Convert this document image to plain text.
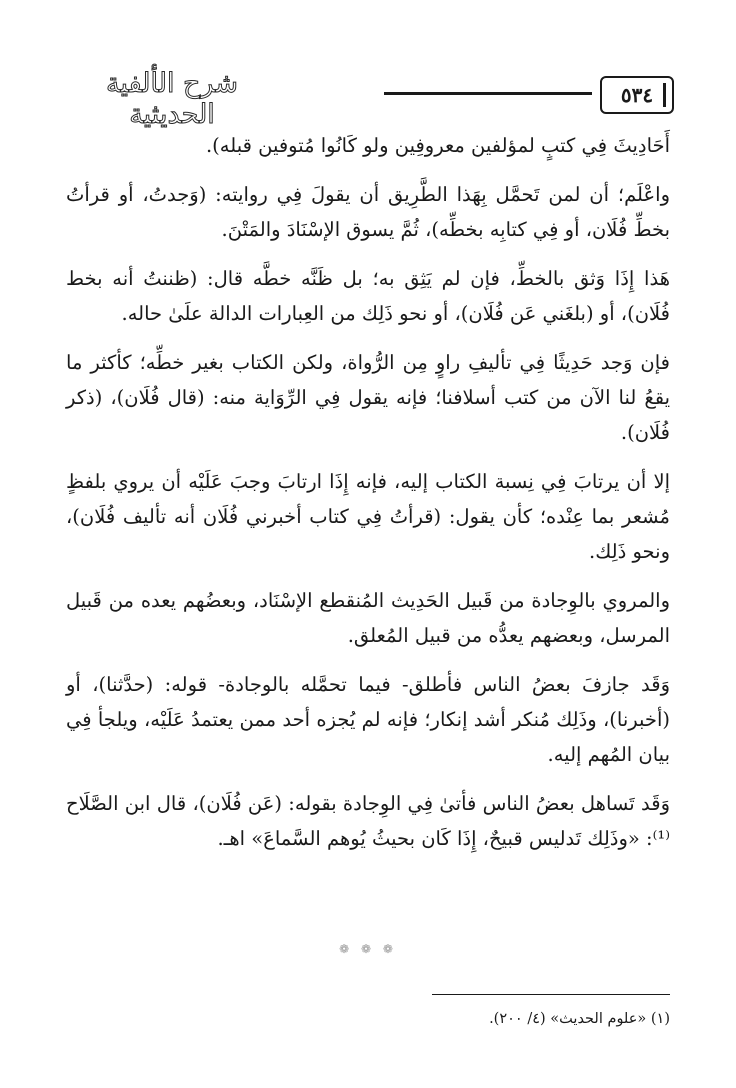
٥٣٤
شرح الألفية الحديثية

أَحَادِيثَ فِي كتبٍ لمؤلفين معروفِين ولو كَانُوا مُتوفين قبله).

واعْلَم؛ أن لمن تَحمَّل بِهَذا الطَّرِيق أن يقولَ فِي روايته: (وَجدتُ، أو قرأتُ بخطِّ فُلَان، أو فِي كتابِه بخطِّه)، ثُمَّ يسوق الإسْنَادَ والمَتْنَ.

هَذا إِذَا وَثق بالخطِّ، فإن لم يَثِق به؛ بل ظَنَّه خطَّه قال: (ظننتُ أنه بخط فُلَان)، أو (بلغَني عَن فُلَان)، أو نحو ذَلِك من العِبارات الدالة علَىٰ حاله.

فإن وَجد حَدِيثًا فِي تأليفِ راوٍ مِن الرُّواة، ولكن الكتاب بغير خطِّه؛ كأكثر ما يقعُ لنا الآن من كتب أسلافنا؛ فإنه يقول فِي الرِّوَاية منه: (قال فُلَان)، (ذكر فُلَان).

إلا أن يرتابَ فِي نِسبة الكتاب إليه، فإنه إِذَا ارتابَ وجبَ عَلَيْه أن يروي بلفظٍ مُشعر بما عِنْده؛ كأن يقول: (قرأتُ فِي كتاب أخبرني فُلَان أنه تأليف فُلَان)، ونحو ذَلِك.

والمروي بالوِجادة من قَبيل الحَدِيث المُنقطع الإسْنَاد، وبعضُهم يعده من قَبيل المرسل، وبعضهم يعدُّه من قبيل المُعلق.

وَقَد جازفَ بعضُ الناس فأطلق- فيما تحمَّله بالوجادة- قوله: (حدَّثنا)، أو (أخبرنا)، وذَلِك مُنكر أشد إنكار؛ فإنه لم يُجزه أحد ممن يعتمدُ عَلَيْه، ويلجأ فِي بيان المُهم إليه.

وَقَد تَساهل بعضُ الناس فأتىٰ فِي الوِجادة بقوله: (عَن فُلَان)، قال ابن الصَّلَاح ⁽¹⁾: «وذَلِك تَدليس قبيحٌ، إِذَا كَان بحيثُ يُوهم السَّماعَ» اهـ.

❁ ❁ ❁
(١) «علوم الحديث» (٤/ ٢٠٠).
